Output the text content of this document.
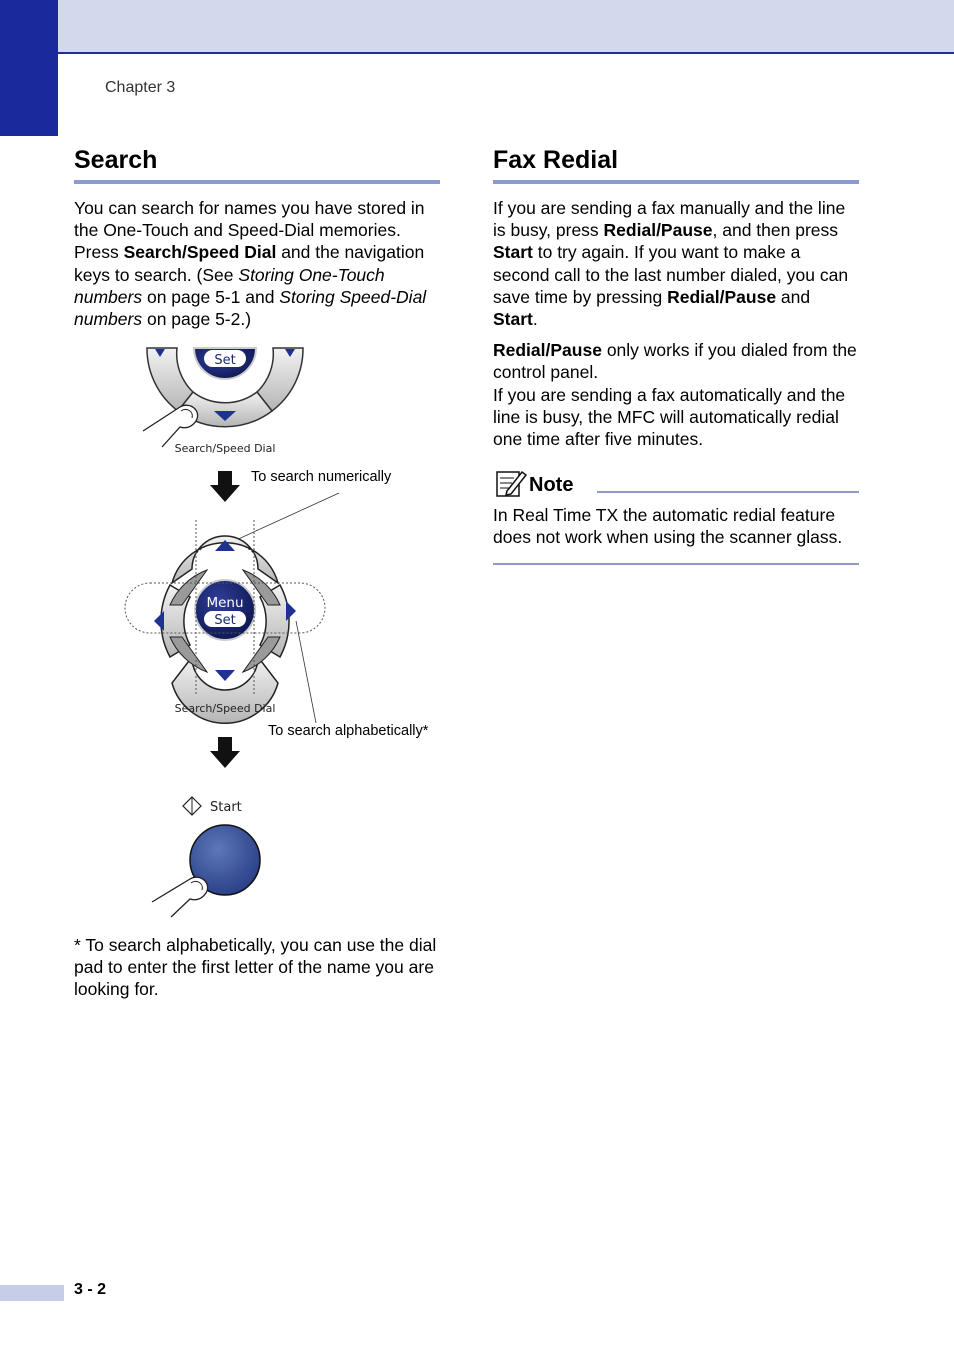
Chapter 3
Search

You can search for names you have stored in the One-Touch and Speed-Dial memories. Press Search/Speed Dial and the navigation keys to search. (See Storing One-Touch numbers on page 5-1 and Storing Speed-Dial numbers on page 5-2.)

Set
Search/Speed Dial
To search numerically
Menu
Set
Search/Speed Dial
To search alphabetically*
Start

* To search alphabetically, you can use the dial pad to enter the first letter of the name you are looking for.

Fax Redial

If you are sending a fax manually and the line is busy, press Redial/Pause, and then press Start to try again. If you want to make a second call to the last number dialed, you can save time by pressing Redial/Pause and Start.

Redial/Pause only works if you dialed from the control panel.

If you are sending a fax automatically and the line is busy, the MFC will automatically redial one time after five minutes.

Note

In Real Time TX the automatic redial feature does not work when using the scanner glass.

3 - 2
